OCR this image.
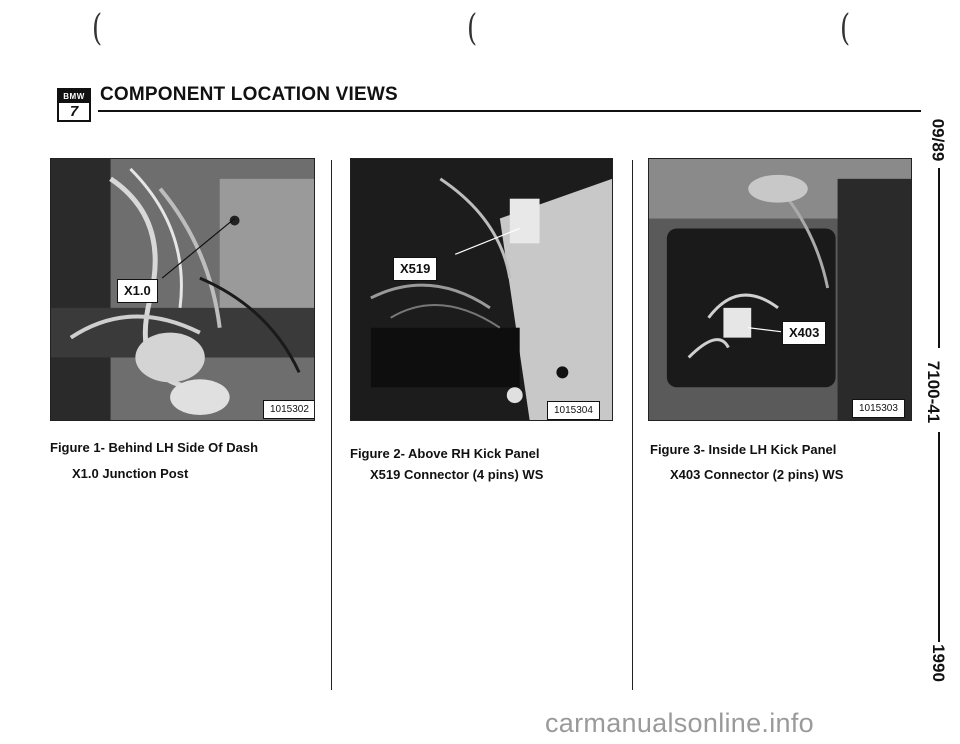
(	(	(
BMW
7
COMPONENT LOCATION VIEWS
X1.0
1015302
X519
1015304
X403
1015303
Figure 1- Behind LH Side Of Dash
X1.0 Junction Post
Figure 2- Above RH Kick Panel
X519 Connector (4 pins) WS
Figure 3- Inside LH Kick Panel
X403 Connector (2 pins) WS
09/89
7100-41
1990
carmanualsonline.info
